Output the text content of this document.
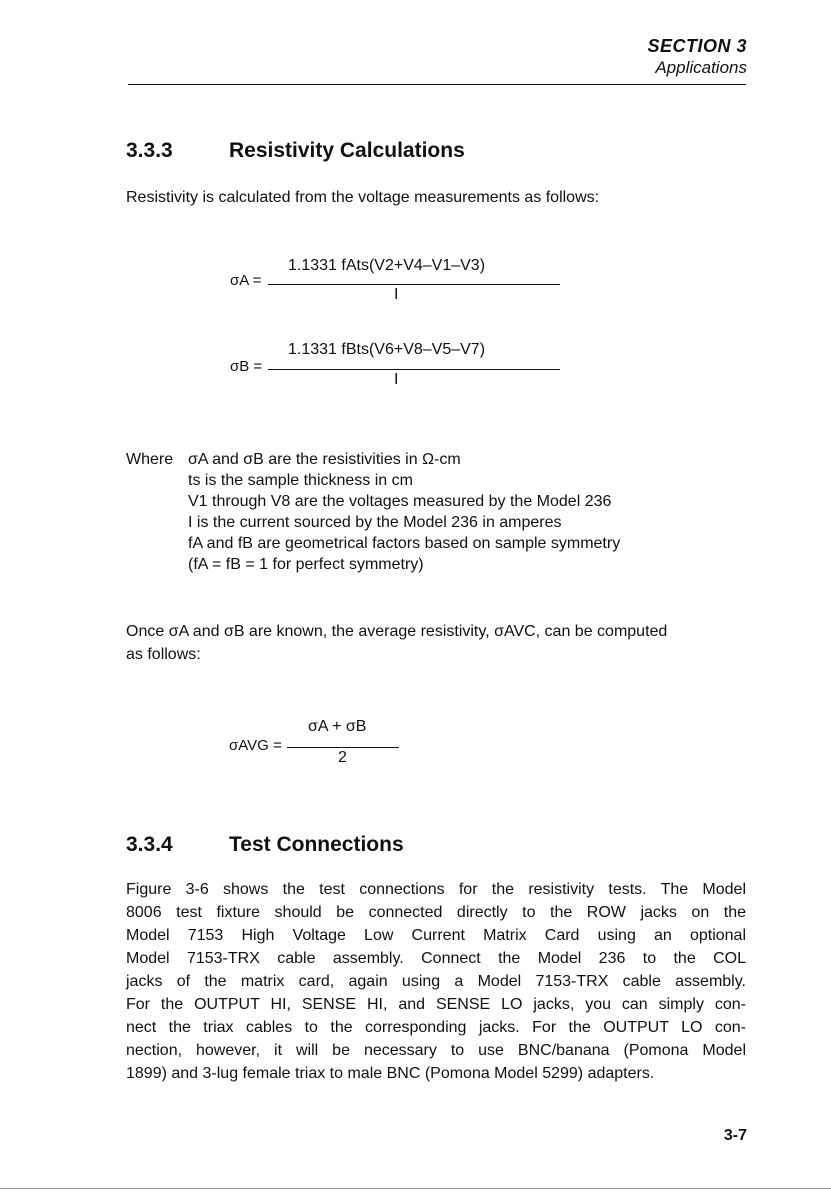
SECTION 3
Applications
3.3.3	Resistivity Calculations
Resistivity is calculated from the voltage measurements as follows:
σA =
1.1331 fAts(V2+V4–V1–V3)
I
σB =
1.1331 fBts(V6+V8–V5–V7)
I
Where σA and σB are the resistivities in Ω-cm
ts is the sample thickness in cm
V1 through V8 are the voltages measured by the Model 236
I is the current sourced by the Model 236 in amperes
fA and fB are geometrical factors based on sample symmetry
(fA = fB = 1 for perfect symmetry)
Once σA and σB are known, the average resistivity, σAVC, can be computed
as follows:
σAVG =
σA + σB
2
3.3.4	Test Connections
Figure 3-6 shows the test connections for the resistivity tests. The Model
8006 test fixture should be connected directly to the ROW jacks on the
Model 7153 High Voltage Low Current Matrix Card using an optional
Model 7153-TRX cable assembly. Connect the Model 236 to the COL
jacks of the matrix card, again using a Model 7153-TRX cable assembly.
For the OUTPUT HI, SENSE HI, and SENSE LO jacks, you can simply con-
nect the triax cables to the corresponding jacks. For the OUTPUT LO con-
nection, however, it will be necessary to use BNC/banana (Pomona Model
1899) and 3-lug female triax to male BNC (Pomona Model 5299) adapters.
3-7
